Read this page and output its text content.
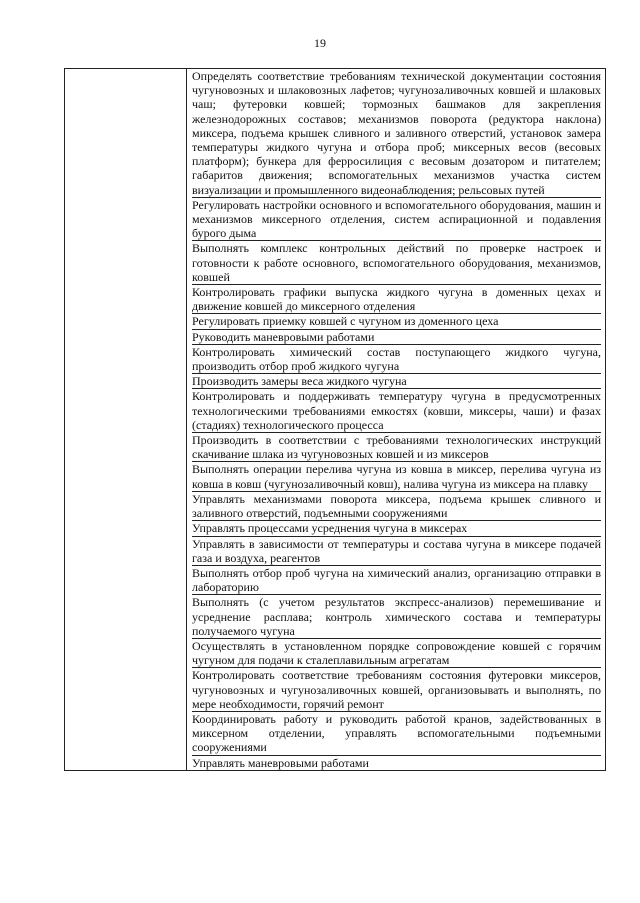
19

Определять соответствие требованиям технической документации состояния чугуновозных и шлаковозных лафетов; чугунозаливочных ковшей и шлаковых чаш; футеровки ковшей; тормозных башмаков для закрепления железнодорожных составов; механизмов поворота (редуктора наклона) миксера, подъема крышек сливного и заливного отверстий, установок замера температуры жидкого чугуна и отбора проб; миксерных весов (весовых платформ); бункера для ферросилиция с весовым дозатором и питателем; габаритов движения; вспомогательных механизмов участка систем визуализации и промышленного видеонаблюдения; рельсовых путей
Регулировать настройки основного и вспомогательного оборудования, машин и механизмов миксерного отделения, систем аспирационной и подавления бурого дыма
Выполнять комплекс контрольных действий по проверке настроек и готовности к работе основного, вспомогательного оборудования, механизмов, ковшей
Контролировать графики выпуска жидкого чугуна в доменных цехах и движение ковшей до миксерного отделения
Регулировать приемку ковшей с чугуном из доменного цеха
Руководить маневровыми работами
Контролировать химический состав поступающего жидкого чугуна, производить отбор проб жидкого чугуна
Производить замеры веса жидкого чугуна
Контролировать и поддерживать температуру чугуна в предусмотренных технологическими требованиями емкостях (ковши, миксеры, чаши) и фазах (стадиях) технологического процесса
Производить в соответствии с требованиями технологических инструкций скачивание шлака из чугуновозных ковшей и из миксеров
Выполнять операции перелива чугуна из ковша в миксер, перелива чугуна из ковша в ковш (чугунозаливочный ковш), налива чугуна из миксера на плавку
Управлять механизмами поворота миксера, подъема крышек сливного и заливного отверстий, подъемными сооружениями
Управлять процессами усреднения чугуна в миксерах
Управлять в зависимости от температуры и состава чугуна в миксере подачей газа и воздуха, реагентов
Выполнять отбор проб чугуна на химический анализ, организацию отправки в лабораторию
Выполнять (с учетом результатов экспресс-анализов) перемешивание и усреднение расплава; контроль химического состава и температуры получаемого чугуна
Осуществлять в установленном порядке сопровождение ковшей с горячим чугуном для подачи к сталеплавильным агрегатам
Контролировать соответствие требованиям состояния футеровки миксеров, чугуновозных и чугунозаливочных ковшей, организовывать и выполнять, по мере необходимости, горячий ремонт
Координировать работу и руководить работой кранов, задействованных в миксерном отделении, управлять вспомогательными подъемными сооружениями
Управлять маневровыми работами
